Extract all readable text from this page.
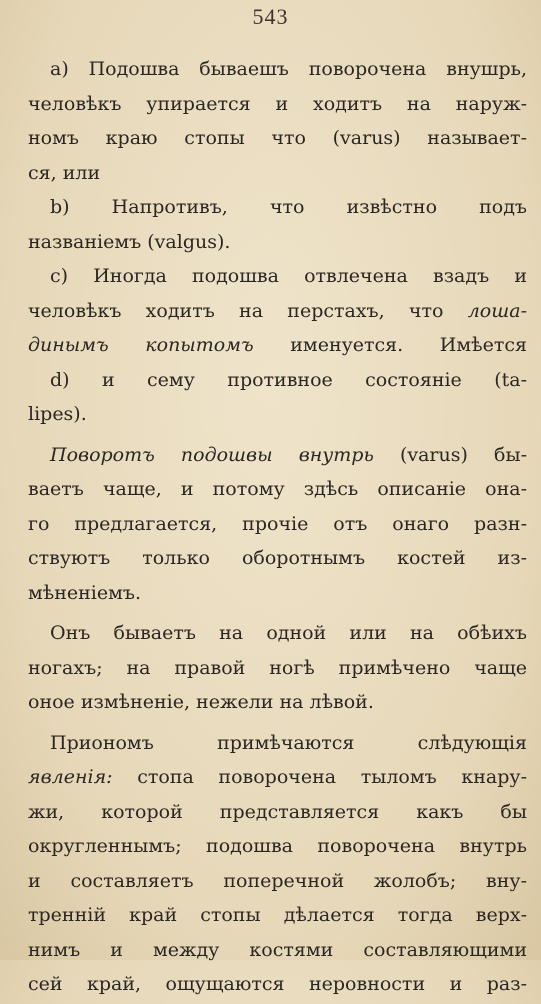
543
a) Подошва бываешъ поворочена внушрь,
человѣкъ упирается и ходитъ на наруж-
номъ краю стопы что (varus) называет-
ся, или
b) Напротивъ, что извѣстно подъ
названіемъ (valgus).
c) Иногда подошва отвлечена взадъ и
человѣкъ ходитъ на перстахъ, что лоша-
динымъ копытомъ именуется. Имѣется
d) и сему противное состояніе (ta-
lipes).
Поворотъ подошвы внутрь (varus) бы-
ваетъ чаще, и потому здѣсь описаніе она-
го предлагается, прочіе отъ онаго разн-
ствуютъ только оборотнымъ костей из-
мѣненіемъ.
Онъ бываетъ на одной или на обѣихъ
ногахъ; на правой ногѣ примѣчено чаще
оное измѣненіе, нежели на лѣвой.
Приономъ примѣчаются слѣдующія
явленія: стопа поворочена тыломъ кнару-
жи, которой представляется какъ бы
округленнымъ; подошва поворочена внутрь
и составляетъ поперечной жолобъ; вну-
тренній край стопы дѣлается тогда верх-
нимъ и между костями составляющими
сей край, ощущаются неровности и раз-
